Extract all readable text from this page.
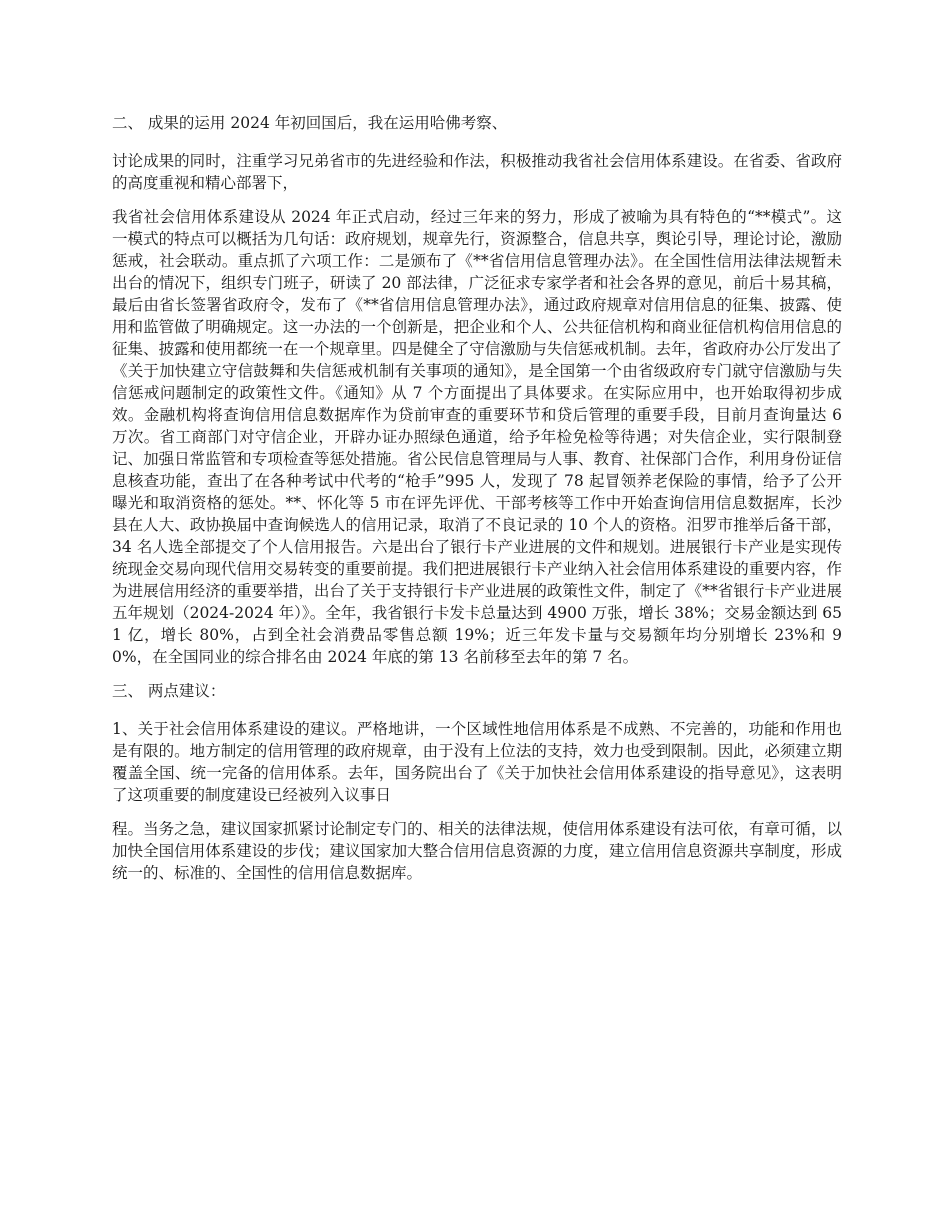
二、 成果的运用 2024 年初回国后，我在运用哈佛考察、

讨论成果的同时，注重学习兄弟省市的先进经验和作法，积极推动我省社会信用体系建设。在省委、省政府的高度重视和精心部署下，

我省社会信用体系建设从 2024 年正式启动，经过三年来的努力，形成了被喻为具有特色的“**模式”。这一模式的特点可以概括为几句话：政府规划，规章先行，资源整合，信息共享，舆论引导，理论讨论，激励惩戒，社会联动。重点抓了六项工作：二是颁布了《**省信用信息管理办法》。在全国性信用法律法规暂未出台的情况下，组织专门班子，研读了 20 部法律，广泛征求专家学者和社会各界的意见，前后十易其稿，最后由省长签署省政府令，发布了《**省信用信息管理办法》，通过政府规章对信用信息的征集、披露、使用和监管做了明确规定。这一办法的一个创新是，把企业和个人、公共征信机构和商业征信机构信用信息的征集、披露和使用都统一在一个规章里。四是健全了守信激励与失信惩戒机制。去年，省政府办公厅发出了《关于加快建立守信鼓舞和失信惩戒机制有关事项的通知》，是全国第一个由省级政府专门就守信激励与失信惩戒问题制定的政策性文件。《通知》从 7 个方面提出了具体要求。在实际应用中，也开始取得初步成效。金融机构将查询信用信息数据库作为贷前审查的重要环节和贷后管理的重要手段，目前月查询量达 6 万次。省工商部门对守信企业，开辟办证办照绿色通道，给予年检免检等待遇；对失信企业，实行限制登记、加强日常监管和专项检查等惩处措施。省公民信息管理局与人事、教育、社保部门合作，利用身份证信息核查功能，查出了在各种考试中代考的“枪手”995 人，发现了 78 起冒领养老保险的事情，给予了公开曝光和取消资格的惩处。**、怀化等 5 市在评先评优、干部考核等工作中开始查询信用信息数据库，长沙县在人大、政协换届中查询候选人的信用记录，取消了不良记录的 10 个人的资格。汨罗市推举后备干部，34 名人选全部提交了个人信用报告。六是出台了银行卡产业进展的文件和规划。进展银行卡产业是实现传统现金交易向现代信用交易转变的重要前提。我们把进展银行卡产业纳入社会信用体系建设的重要内容，作为进展信用经济的重要举措，出台了关于支持银行卡产业进展的政策性文件，制定了《**省银行卡产业进展五年规划（2024-2024 年）》。全年，我省银行卡发卡总量达到 4900 万张，增长 38%；交易金额达到 651 亿，增长 80%，占到全社会消费品零售总额 19%；近三年发卡量与交易额年均分别增长 23%和 90%，在全国同业的综合排名由 2024 年底的第 13 名前移至去年的第 7 名。

三、 两点建议：

1、关于社会信用体系建设的建议。严格地讲，一个区域性地信用体系是不成熟、不完善的，功能和作用也是有限的。地方制定的信用管理的政府规章，由于没有上位法的支持，效力也受到限制。因此，必须建立期覆盖全国、统一完备的信用体系。去年，国务院出台了《关于加快社会信用体系建设的指导意见》，这表明了这项重要的制度建设已经被列入议事日

程。当务之急，建议国家抓紧讨论制定专门的、相关的法律法规，使信用体系建设有法可依，有章可循，以加快全国信用体系建设的步伐；建议国家加大整合信用信息资源的力度，建立信用信息资源共享制度，形成统一的、标准的、全国性的信用信息数据库。
